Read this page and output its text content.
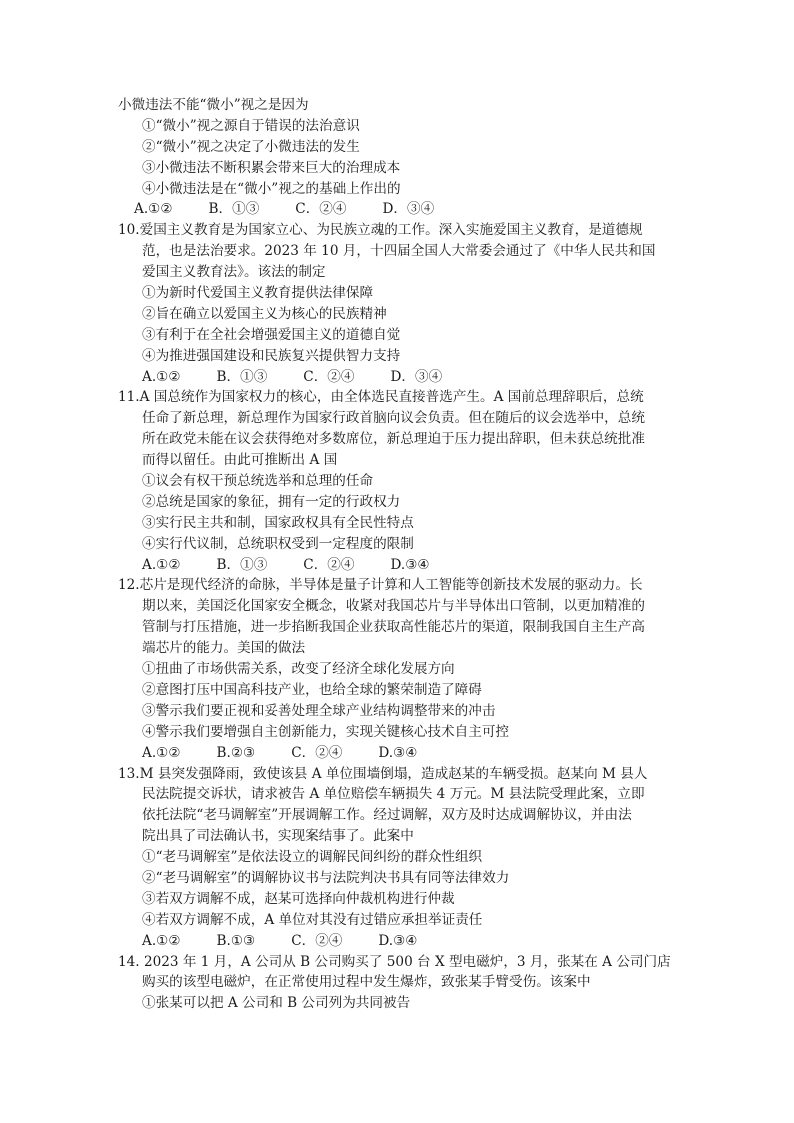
小微违法不能“微小”视之是因为
①“微小”视之源自于错误的法治意识
②“微小”视之决定了小微违法的发生
③小微违法不断积累会带来巨大的治理成本
④小微违法是在“微小”视之的基础上作出的
A.①②	B．①③	C．②④	D．③④
10.爱国主义教育是为国家立心、为民族立魂的工作。深入实施爱国主义教育，是道德规
范，也是法治要求。2023 年 10 月，十四届全国人大常委会通过了《中华人民共和国
爱国主义教育法》。该法的制定
①为新时代爱国主义教育提供法律保障
②旨在确立以爱国主义为核心的民族精神
③有利于在全社会增强爱国主义的道德自觉
④为推进强国建设和民族复兴提供智力支持
A.①②	B．①③	C．②④	D．③④
11.A 国总统作为国家权力的核心，由全体选民直接普选产生。A 国前总理辞职后，总统
任命了新总理，新总理作为国家行政首脑向议会负责。但在随后的议会选举中，总统
所在政党未能在议会获得绝对多数席位，新总理迫于压力提出辞职，但未获总统批准
而得以留任。由此可推断出 A 国
①议会有权干预总统选举和总理的任命
②总统是国家的象征，拥有一定的行政权力
③实行民主共和制，国家政权具有全民性特点
④实行代议制，总统职权受到一定程度的限制
A.①②	B．①③	C．②④	D.③④
12.芯片是现代经济的命脉，半导体是量子计算和人工智能等创新技术发展的驱动力。长
期以来，美国泛化国家安全概念，收紧对我国芯片与半导体出口管制，以更加精准的
管制与打压措施，进一步掐断我国企业获取高性能芯片的渠道，限制我国自主生产高
端芯片的能力。美国的做法
①扭曲了市场供需关系，改变了经济全球化发展方向
②意图打压中国高科技产业，也给全球的繁荣制造了障碍
③警示我们要正视和妥善处理全球产业结构调整带来的冲击
④警示我们要增强自主创新能力，实现关键核心技术自主可控
A.①②	B.②③	C．②④	D.③④
13.M 县突发强降雨，致使该县 A 单位围墙倒塌，造成赵某的车辆受损。赵某向 M 县人
民法院提交诉状，请求被告 A 单位赔偿车辆损失 4 万元。M 县法院受理此案，立即
依托法院“老马调解室”开展调解工作。经过调解，双方及时达成调解协议，并由法
院出具了司法确认书，实现案结事了。此案中
①“老马调解室”是依法设立的调解民间纠纷的群众性组织
②“老马调解室”的调解协议书与法院判决书具有同等法律效力
③若双方调解不成，赵某可选择向仲裁机构进行仲裁
④若双方调解不成，A 单位对其没有过错应承担举证责任
A.①②	B.①③	C．②④	D.③④
14. 2023 年 1 月，A 公司从 B 公司购买了 500 台 X 型电磁炉，3 月，张某在 A 公司门店
购买的该型电磁炉，在正常使用过程中发生爆炸，致张某手臂受伤。该案中
①张某可以把 A 公司和 B 公司列为共同被告
